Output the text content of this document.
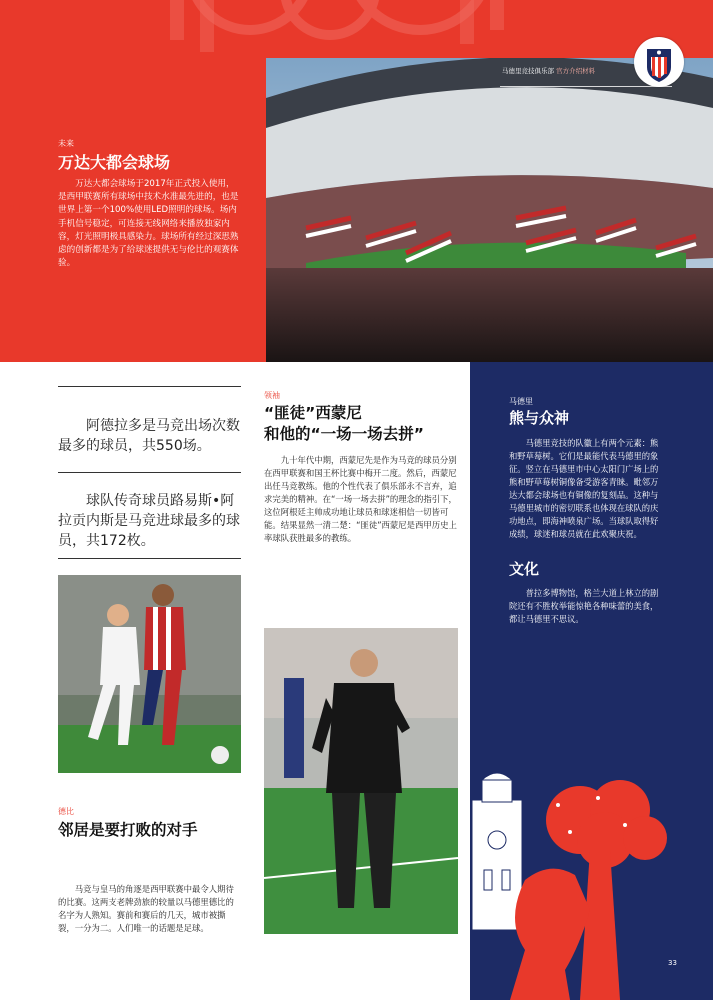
未来
万达大都会球场
万达大都会球场于2017年正式投入使用，是西甲联赛所有球场中技术水准最先进的，也是世界上第一个100%使用LED照明的球场。场内手机信号稳定，可连接无线网络来播放独家内容，灯光照明极具感染力。球场所有经过深思熟虑的创新都是为了给球迷提供无与伦比的观赛体验。
马德里竞技俱乐部 官方介绍材料
阿德拉多是马竞出场次数最多的球员，共550场。
球队传奇球员路易斯•阿拉贡内斯是马竞进球最多的球员，共172枚。
德比
邻居是要打败的对手
马竞与皇马的角逐是西甲联赛中最令人期待的比赛。这两支老牌劲旅的较量以马德里德比的名字为人熟知。赛前和赛后的几天，城市被撕裂，一分为二。人们唯一的话题是足球。
领袖
“匪徒”西蒙尼
和他的“一场一场去拼”
九十年代中期，西蒙尼先是作为马竞的球员分别在西甲联赛和国王杯比赛中梅开二度。然后，西蒙尼出任马竞教练。他的个性代表了俱乐部永不言弃，追求完美的精神。在“一场一场去拼”的理念的指引下，这位阿根廷主帅成功地让球员和球迷相信一切皆可能。结果显然一清二楚：“匪徒”西蒙尼是西甲历史上率球队获胜最多的教练。
马德里
熊与众神
马德里竞技的队徽上有两个元素：熊和野草莓树。它们是最能代表马德里的象征。竖立在马德里市中心太阳门广场上的熊和野草莓树铜像备受游客青睐。毗邻万达大都会球场也有铜像的复刻品。这种与马德里城市的密切联系也体现在球队的庆功地点，即海神喷泉广场。当球队取得好成绩，球迷和球员就在此欢聚庆祝。
文化
普拉多博物馆，格兰大道上林立的剧院还有不胜枚举能惊艳各种味蕾的美食，都让马德里不思议。
33
